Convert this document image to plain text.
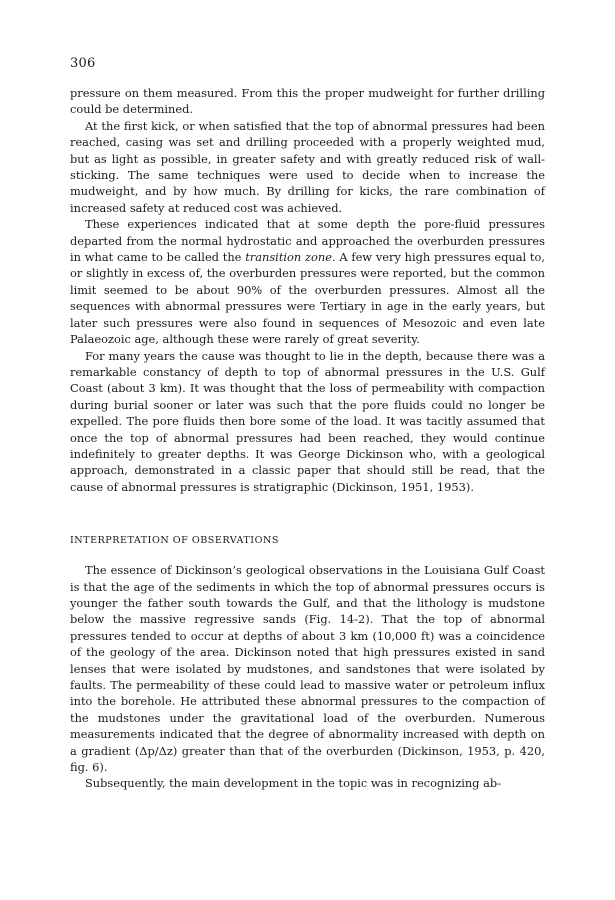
306

pressure on them measured. From this the proper mudweight for further drilling could be determined.

At the first kick, or when satisfied that the top of abnormal pressures had been reached, casing was set and drilling proceeded with a properly weighted mud, but as light as possible, in greater safety and with greatly reduced risk of wall-sticking. The same techniques were used to decide when to increase the mudweight, and by how much. By drilling for kicks, the rare combination of increased safety at reduced cost was achieved.

These experiences indicated that at some depth the pore-fluid pressures departed from the normal hydrostatic and approached the overburden pressures in what came to be called the transition zone. A few very high pressures equal to, or slightly in excess of, the overburden pressures were reported, but the common limit seemed to be about 90% of the overburden pressures. Almost all the sequences with abnormal pressures were Tertiary in age in the early years, but later such pressures were also found in sequences of Mesozoic and even late Palaeozoic age, although these were rarely of great severity.

For many years the cause was thought to lie in the depth, because there was a remarkable constancy of depth to top of abnormal pressures in the U.S. Gulf Coast (about 3 km). It was thought that the loss of permeability with compaction during burial sooner or later was such that the pore fluids could no longer be expelled. The pore fluids then bore some of the load. It was tacitly assumed that once the top of abnormal pressures had been reached, they would continue indefinitely to greater depths. It was George Dickinson who, with a geological approach, demonstrated in a classic paper that should still be read, that the cause of abnormal pressures is stratigraphic (Dickinson, 1951, 1953).

INTERPRETATION OF OBSERVATIONS

The essence of Dickinson’s geological observations in the Louisiana Gulf Coast is that the age of the sediments in which the top of abnormal pressures occurs is younger the father south towards the Gulf, and that the lithology is mudstone below the massive regressive sands (Fig. 14-2). That the top of abnormal pressures tended to occur at depths of about 3 km (10,000 ft) was a coincidence of the geology of the area. Dickinson noted that high pressures existed in sand lenses that were isolated by mudstones, and sandstones that were isolated by faults. The permeability of these could lead to massive water or petroleum influx into the borehole. He attributed these abnormal pressures to the compaction of the mudstones under the gravitational load of the overburden. Numerous measurements indicated that the degree of abnormality increased with depth on a gradient (Δp/Δz) greater than that of the overburden (Dickinson, 1953, p. 420, fig. 6).

Subsequently, the main development in the topic was in recognizing ab-
